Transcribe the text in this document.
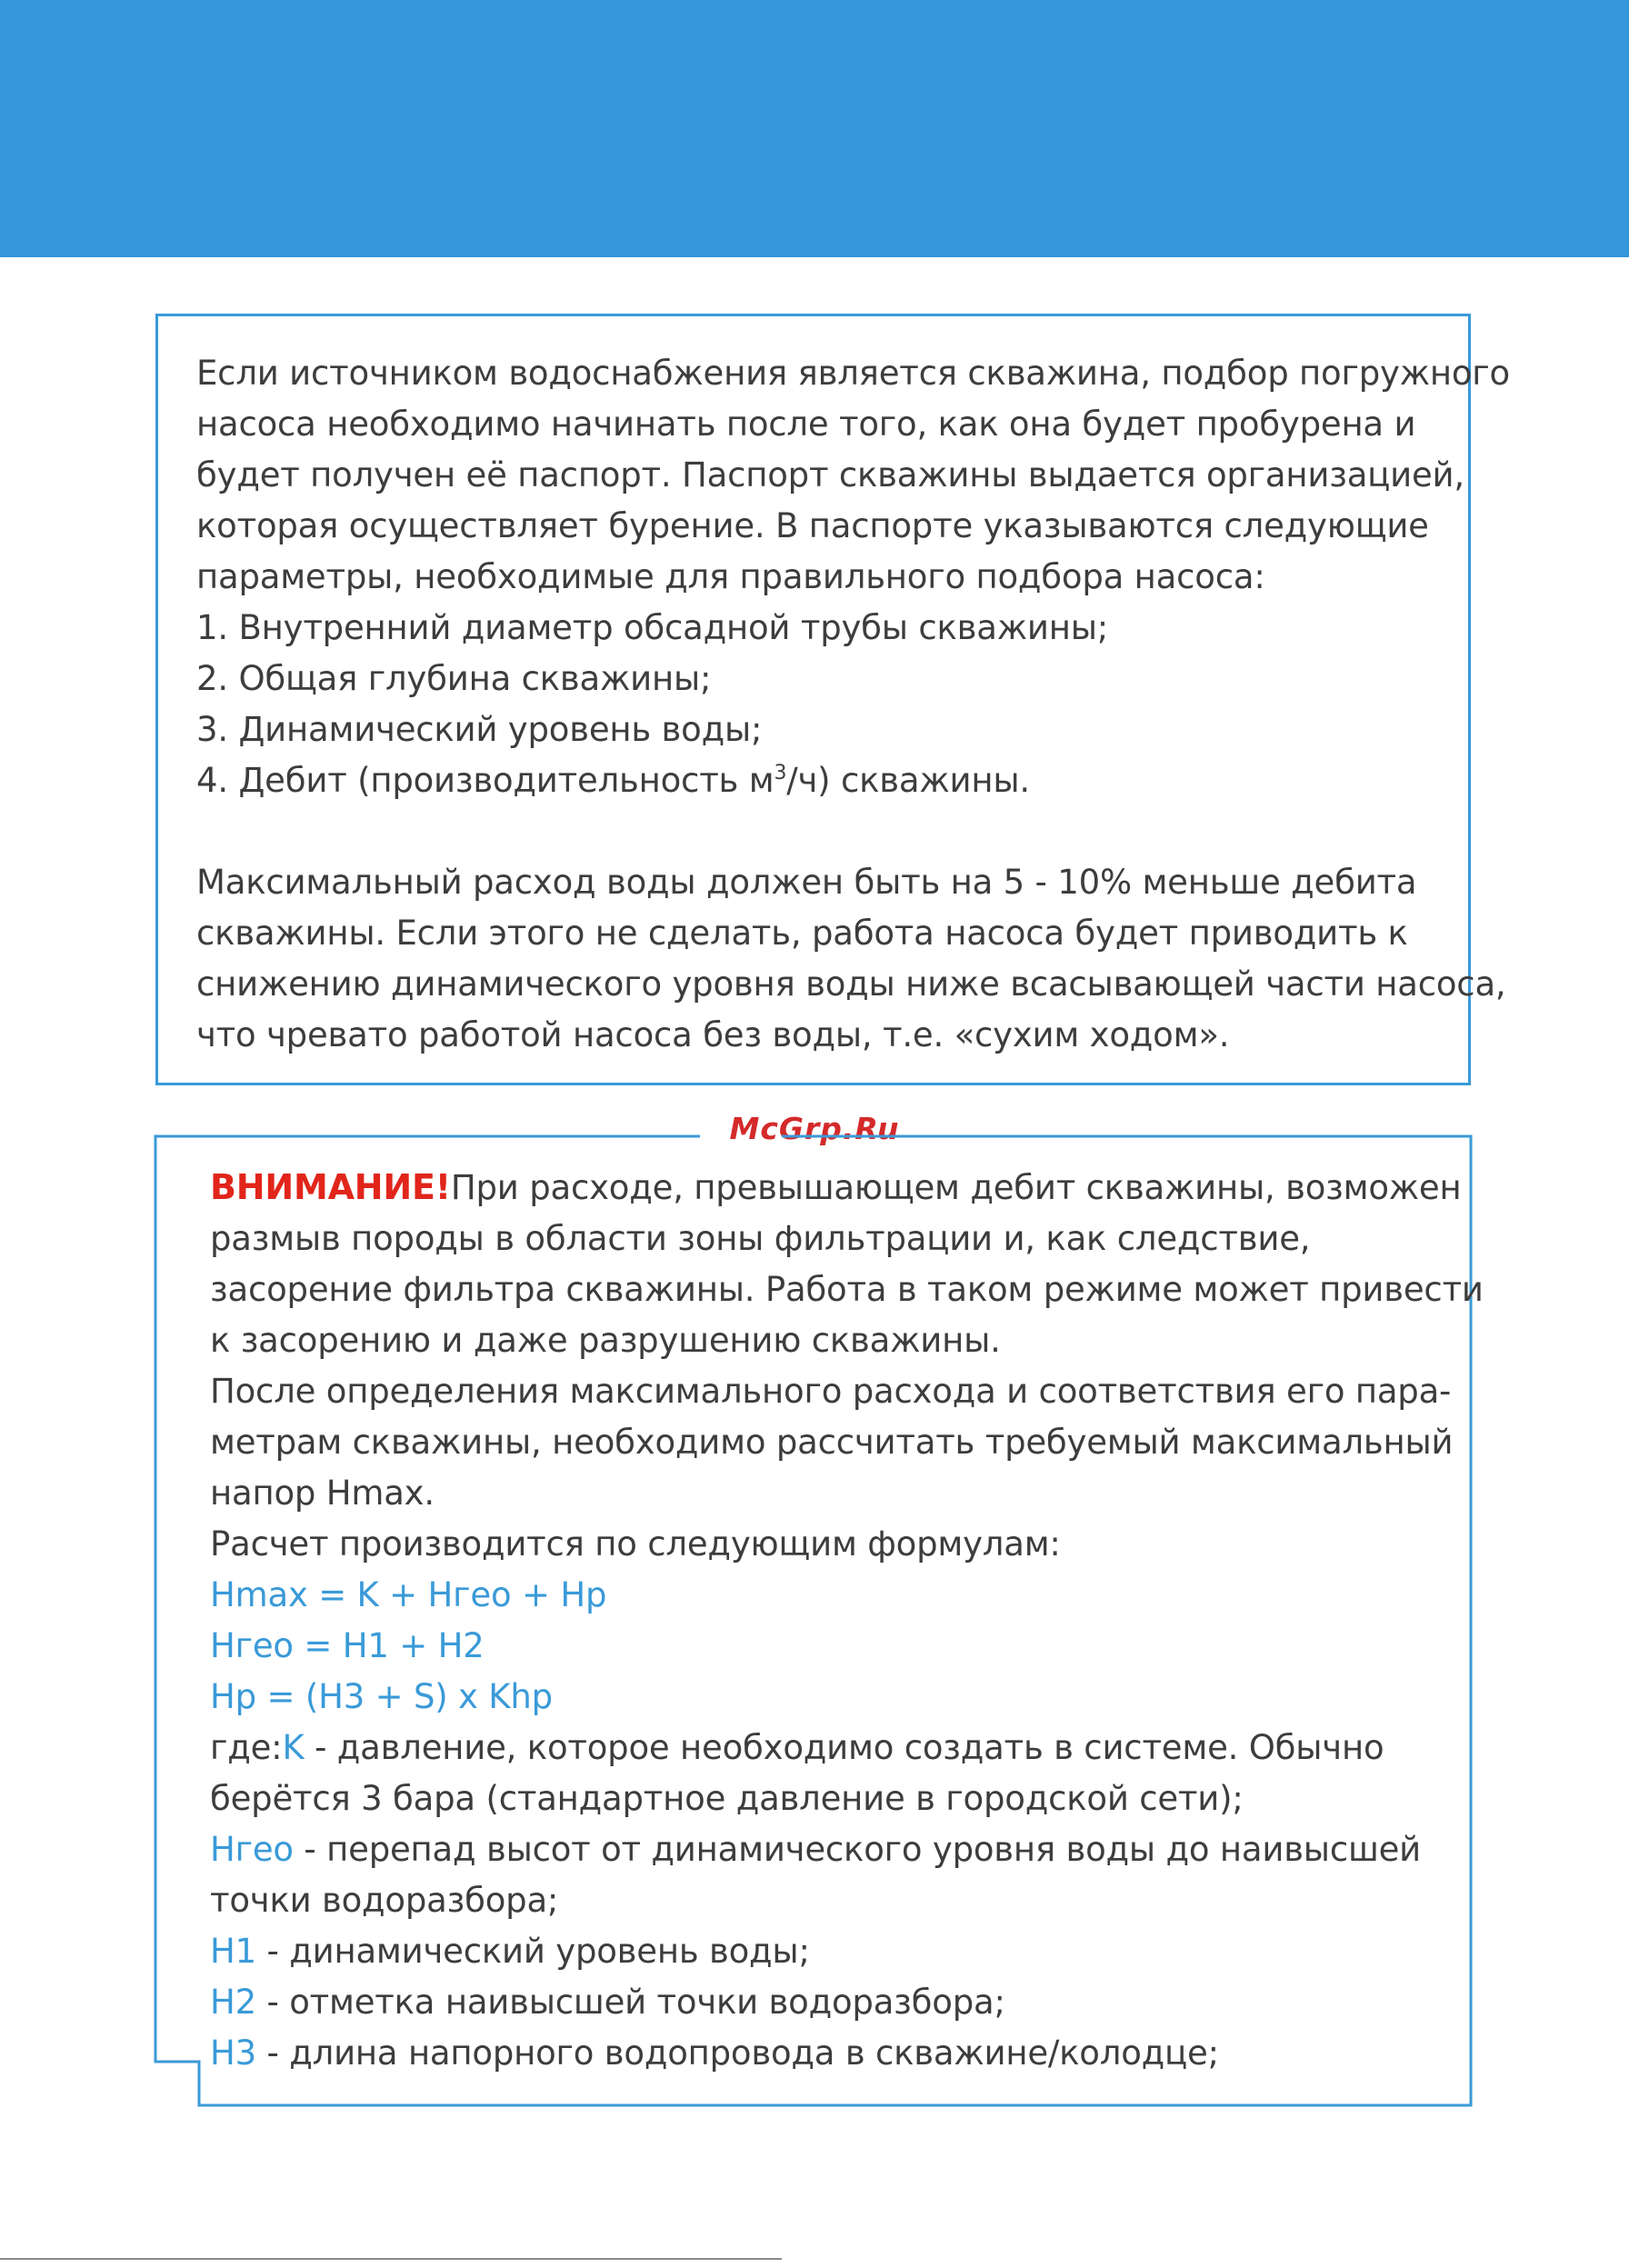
Если источником водоснабжения является скважина, подбор погружного
насоса необходимо начинать после того, как она будет пробурена и
будет получен её паспорт. Паспорт скважины выдается организацией,
которая осуществляет бурение. В паспорте указываются следующие
параметры, необходимые для правильного подбора насоса:
1. Внутренний диаметр обсадной трубы скважины;
2. Общая глубина скважины;
3. Динамический уровень воды;
4. Дебит (производительность $м^3/ч$) скважины.
Максимальный расход воды должен быть на 5 - 10% меньше дебита
скважины. Если этого не сделать, работа насоса будет приводить к
снижению динамического уровня воды ниже всасывающей части насоса,
что чревато работой насоса без воды, т.е. «сухим ходом».
McGrp.Ru
ВНИМАНИЕ!При расходе, превышающем дебит скважины, возможен
размыв породы в области зоны фильтрации и, как следствие,
засорение фильтра скважины. Работа в таком режиме может привести
к засорению и даже разрушению скважины.
После определения максимального расхода и соответствия его пара-
метрам скважины, необходимо рассчитать требуемый максимальный
напор Hmax.
Расчет производится по следующим формулам:
Hmax = K + Hгео + Hр
Hгео = H1 + H2
Hр = (H3 + S) x Khp
где:K - давление, которое необходимо создать в системе. Обычно
берётся 3 бара (стандартное давление в городской сети);
Hгео - перепад высот от динамического уровня воды до наивысшей
точки водоразбора;
H1 - динамический уровень воды;
H2 - отметка наивысшей точки водоразбора;
H3 - длина напорного водопровода в скважине/колодце;
